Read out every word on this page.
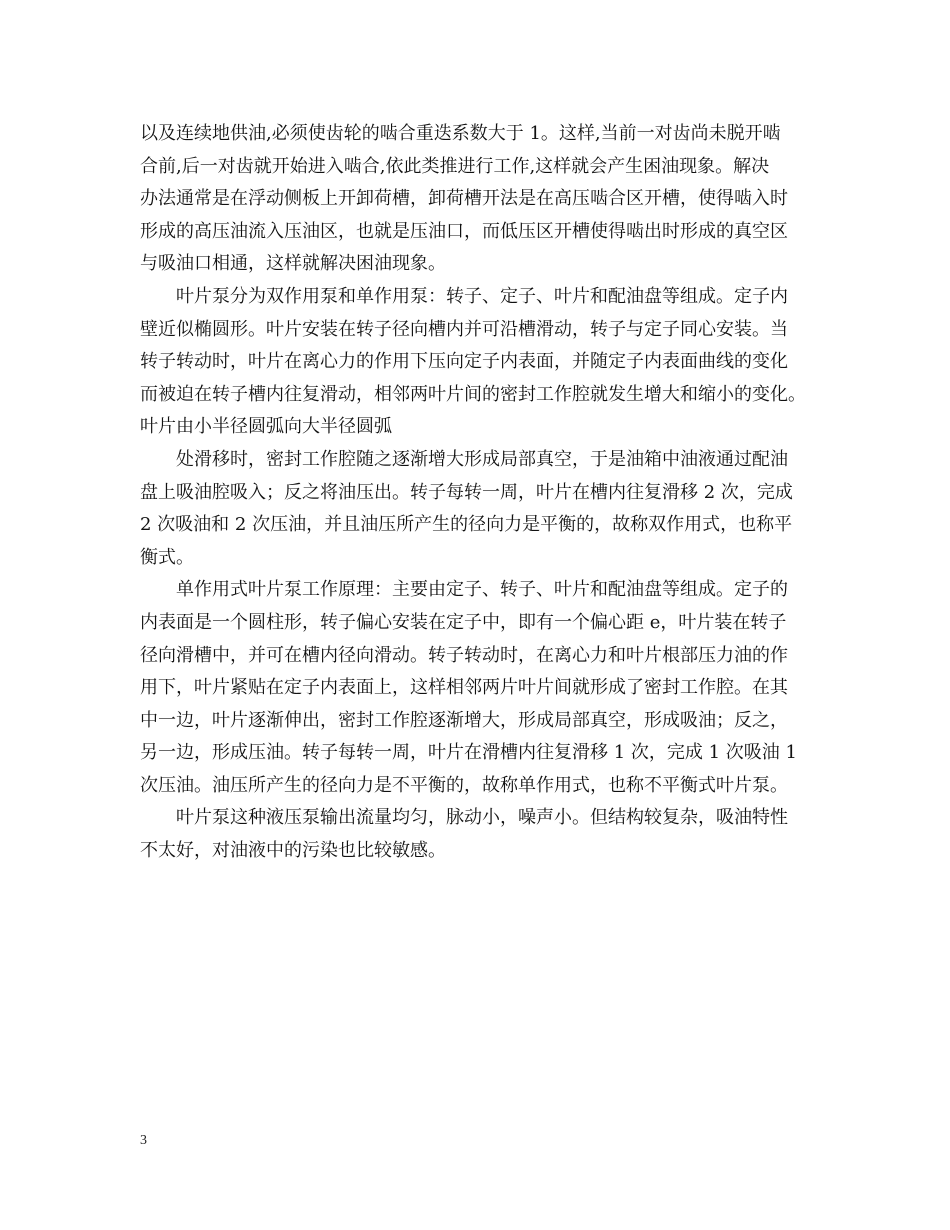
以及连续地供油,必须使齿轮的啮合重迭系数大于 1。这样,当前一对齿尚未脱开啮
合前,后一对齿就开始进入啮合,依此类推进行工作,这样就会产生困油现象。解决
办法通常是在浮动侧板上开卸荷槽，卸荷槽开法是在高压啮合区开槽，使得啮入时
形成的高压油流入压油区，也就是压油口，而低压区开槽使得啮出时形成的真空区
与吸油口相通，这样就解决困油现象。
叶片泵分为双作用泵和单作用泵：转子、定子、叶片和配油盘等组成。定子内
壁近似椭圆形。叶片安装在转子径向槽内并可沿槽滑动，转子与定子同心安装。当
转子转动时，叶片在离心力的作用下压向定子内表面，并随定子内表面曲线的变化
而被迫在转子槽内往复滑动，相邻两叶片间的密封工作腔就发生增大和缩小的变化。
叶片由小半径圆弧向大半径圆弧
处滑移时，密封工作腔随之逐渐增大形成局部真空，于是油箱中油液通过配油
盘上吸油腔吸入；反之将油压出。转子每转一周，叶片在槽内往复滑移 2 次，完成
2 次吸油和 2 次压油，并且油压所产生的径向力是平衡的，故称双作用式，也称平
衡式。
单作用式叶片泵工作原理：主要由定子、转子、叶片和配油盘等组成。定子的
内表面是一个圆柱形，转子偏心安装在定子中，即有一个偏心距 e，叶片装在转子
径向滑槽中，并可在槽内径向滑动。转子转动时，在离心力和叶片根部压力油的作
用下，叶片紧贴在定子内表面上，这样相邻两片叶片间就形成了密封工作腔。在其
中一边，叶片逐渐伸出，密封工作腔逐渐增大，形成局部真空，形成吸油；反之，
另一边，形成压油。转子每转一周，叶片在滑槽内往复滑移 1 次，完成 1 次吸油 1
次压油。油压所产生的径向力是不平衡的，故称单作用式，也称不平衡式叶片泵。
叶片泵这种液压泵输出流量均匀，脉动小，噪声小。但结构较复杂，吸油特性
不太好，对油液中的污染也比较敏感。
3
